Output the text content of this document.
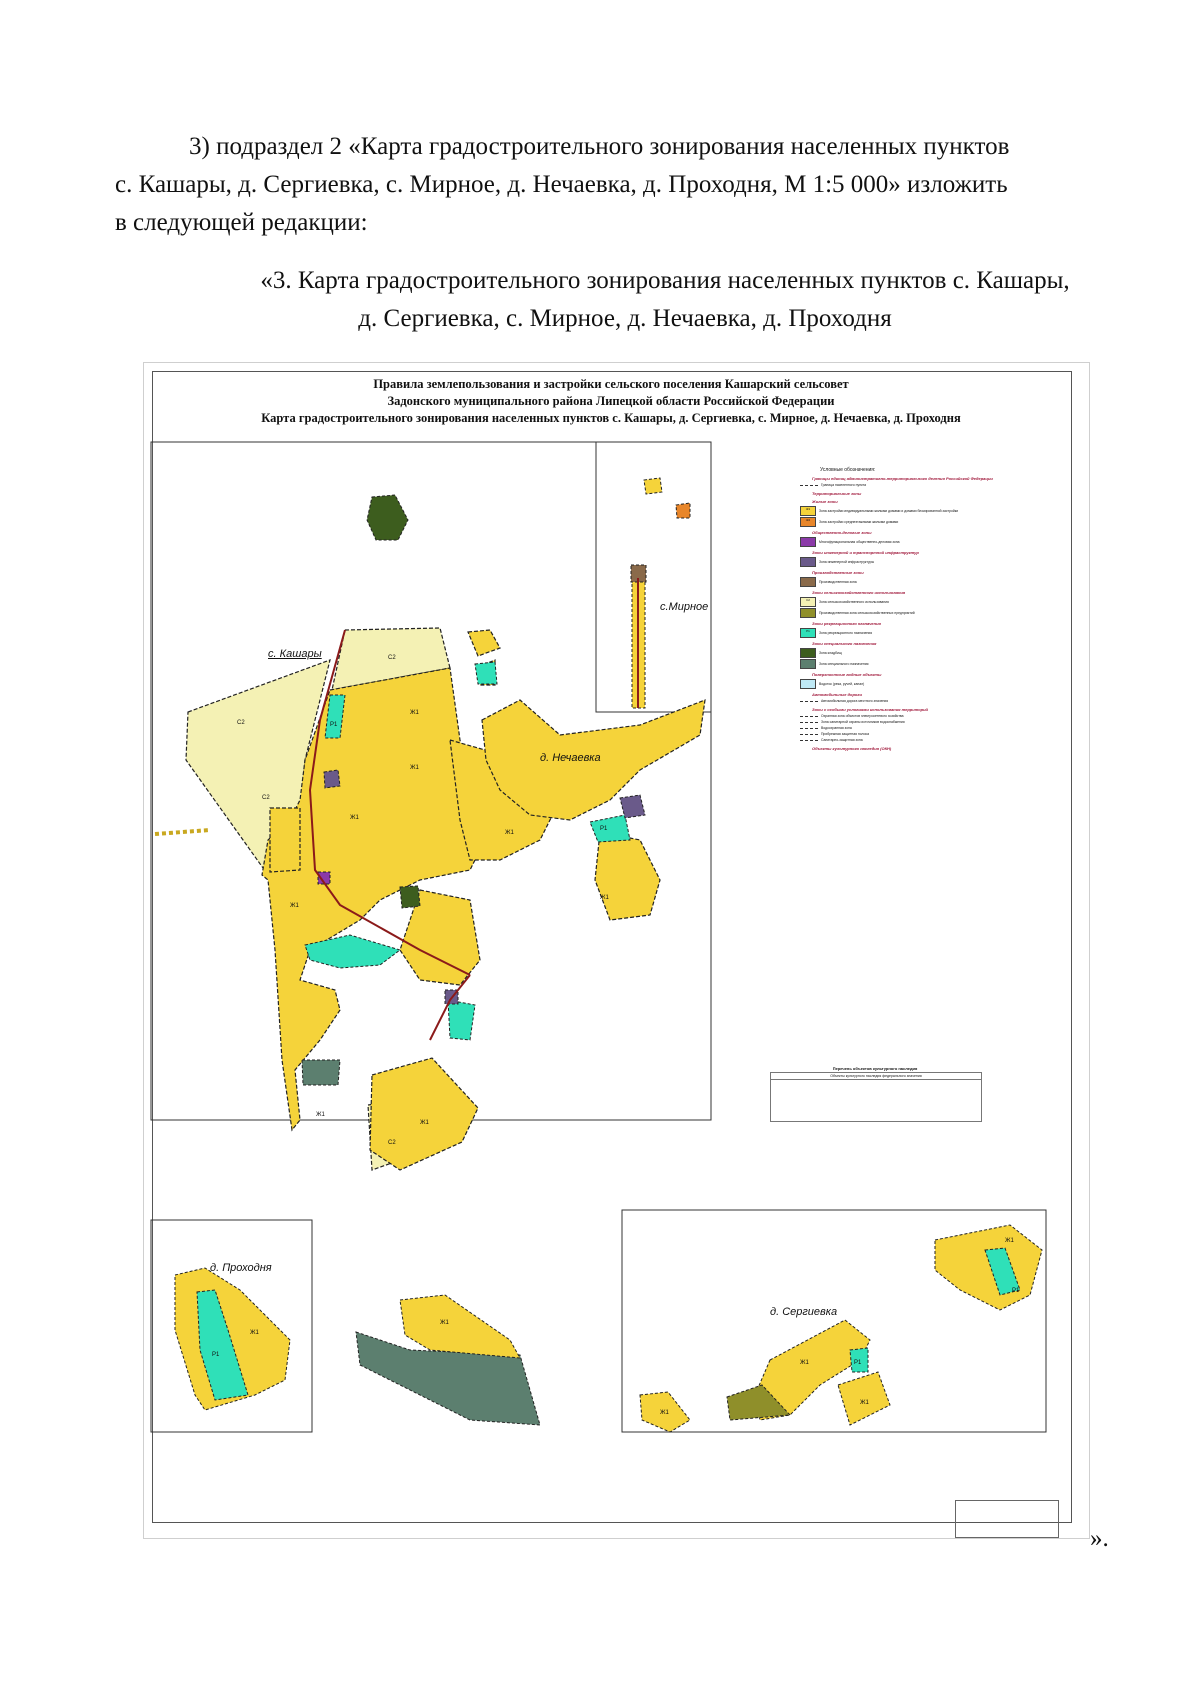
3) подраздел 2 «Карта градостроительного зонирования населенных пунктов
с. Кашары, д. Сергиевка, с. Мирное, д. Нечаевка, д. Проходня, М 1:5 000» изложить
в следующей редакции:
«3. Карта градостроительного зонирования населенных пунктов с. Кашары,
д. Сергиевка, с. Мирное, д. Нечаевка, д. Проходня
Правила землепользования и застройки сельского поселения Кашарский сельсовет
Задонского муниципального района Липецкой области Российской Федерации
Карта градостроительного зонирования населенных пунктов с. Кашары, д. Сергиевка, с. Мирное, д. Нечаевка, д. Проходня
с. Кашары
с.Мирное
д. Нечаевка
д. Проходня
д. Сергиевка
С2
С2
С2
С2
Ж1
Ж1
Ж1
Ж1
Ж1
Ж1
Ж1
Ж1
Ж1
Ж1
Ж1
Ж1
Ж1
Ж1
Р1
Р1
Р1
Р1
Р1
Условные обозначения:
Границы единиц административно-территориального деления Российской Федерации
Граница населенного пункта
Территориальные зоны
Жилые зоны
Ж1	Зона застройки индивидуальными жилыми домами и домами блокированной застройки
Ж2	Зона застройки среднеэтажными жилыми домами
Общественно-деловые зоны
Многофункциональная общественно-деловая зона
Зоны инженерной и транспортной инфраструктур
Зона инженерной инфраструктуры
Производственные зоны
Производственная зона
Зоны сельскохозяйственного использования
С2	Зона сельскохозяйственного использования
Производственная зона сельскохозяйственных предприятий
Зоны рекреационного назначения
Р1	Зона рекреационного назначения
Зоны специального назначения
Зона кладбищ
Зона специального назначения
Поверхностные водные объекты
Водоток (река, ручей, канал)
Автомобильные дороги
Автомобильная дорога местного значения
Зоны с особыми условиями использования территорий
Охранная зона объектов электросетевого хозяйства
Зона санитарной охраны источников водоснабжения
Водоохранная зона
Прибрежная защитная полоса
Санитарно-защитная зона
Объекты культурного наследия (ОКН)
Перечень объектов культурного наследия
Объекты культурного наследия федерального значения
».
